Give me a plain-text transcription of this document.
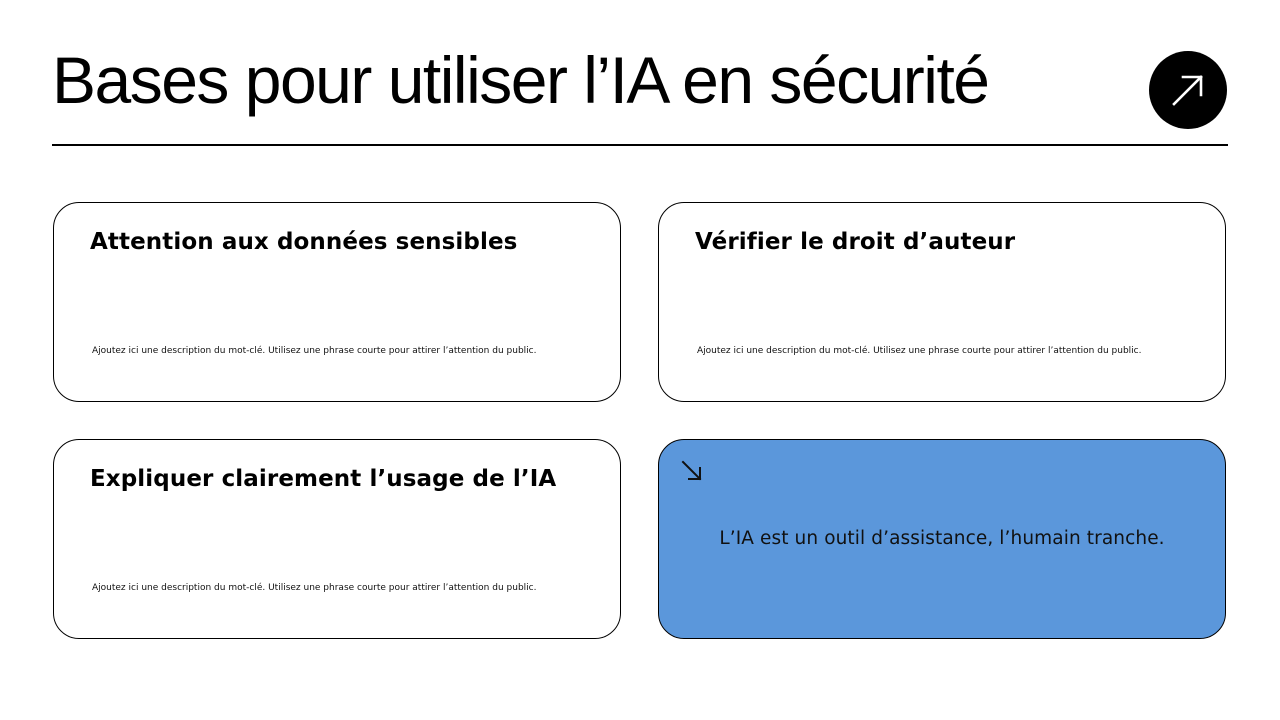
Bases pour utiliser l’IA en sécurité
Attention aux données sensibles
Ajoutez ici une description du mot-clé. Utilisez une phrase courte pour attirer l’attention du public.
Vérifier le droit d’auteur
Ajoutez ici une description du mot-clé. Utilisez une phrase courte pour attirer l’attention du public.
Expliquer clairement l’usage de l’IA
Ajoutez ici une description du mot-clé. Utilisez une phrase courte pour attirer l’attention du public.
L’IA est un outil d’assistance, l’humain tranche.
